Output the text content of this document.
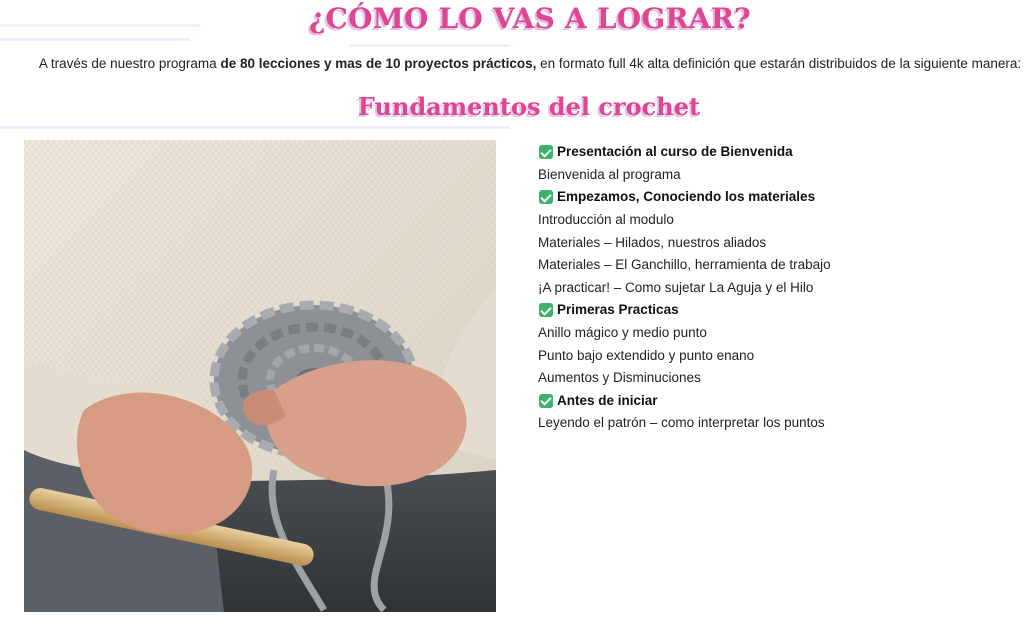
¿CÓMO LO VAS A LOGRAR?
A través de nuestro programa de 80 lecciones y mas de 10 proyectos prácticos, en formato full 4k alta definición que estarán distribuidos de la siguiente manera:
Fundamentos del crochet
Presentación al curso de Bienvenida
Bienvenida al programa
Empezamos, Conociendo los materiales
Introducción al modulo
Materiales – Hilados, nuestros aliados
Materiales – El Ganchillo, herramienta de trabajo
¡A practicar! – Como sujetar La Aguja y el Hilo
Primeras Practicas
Anillo mágico y medio punto
Punto bajo extendido y punto enano
Aumentos y Disminuciones
Antes de iniciar
Leyendo el patrón – como interpretar los puntos
